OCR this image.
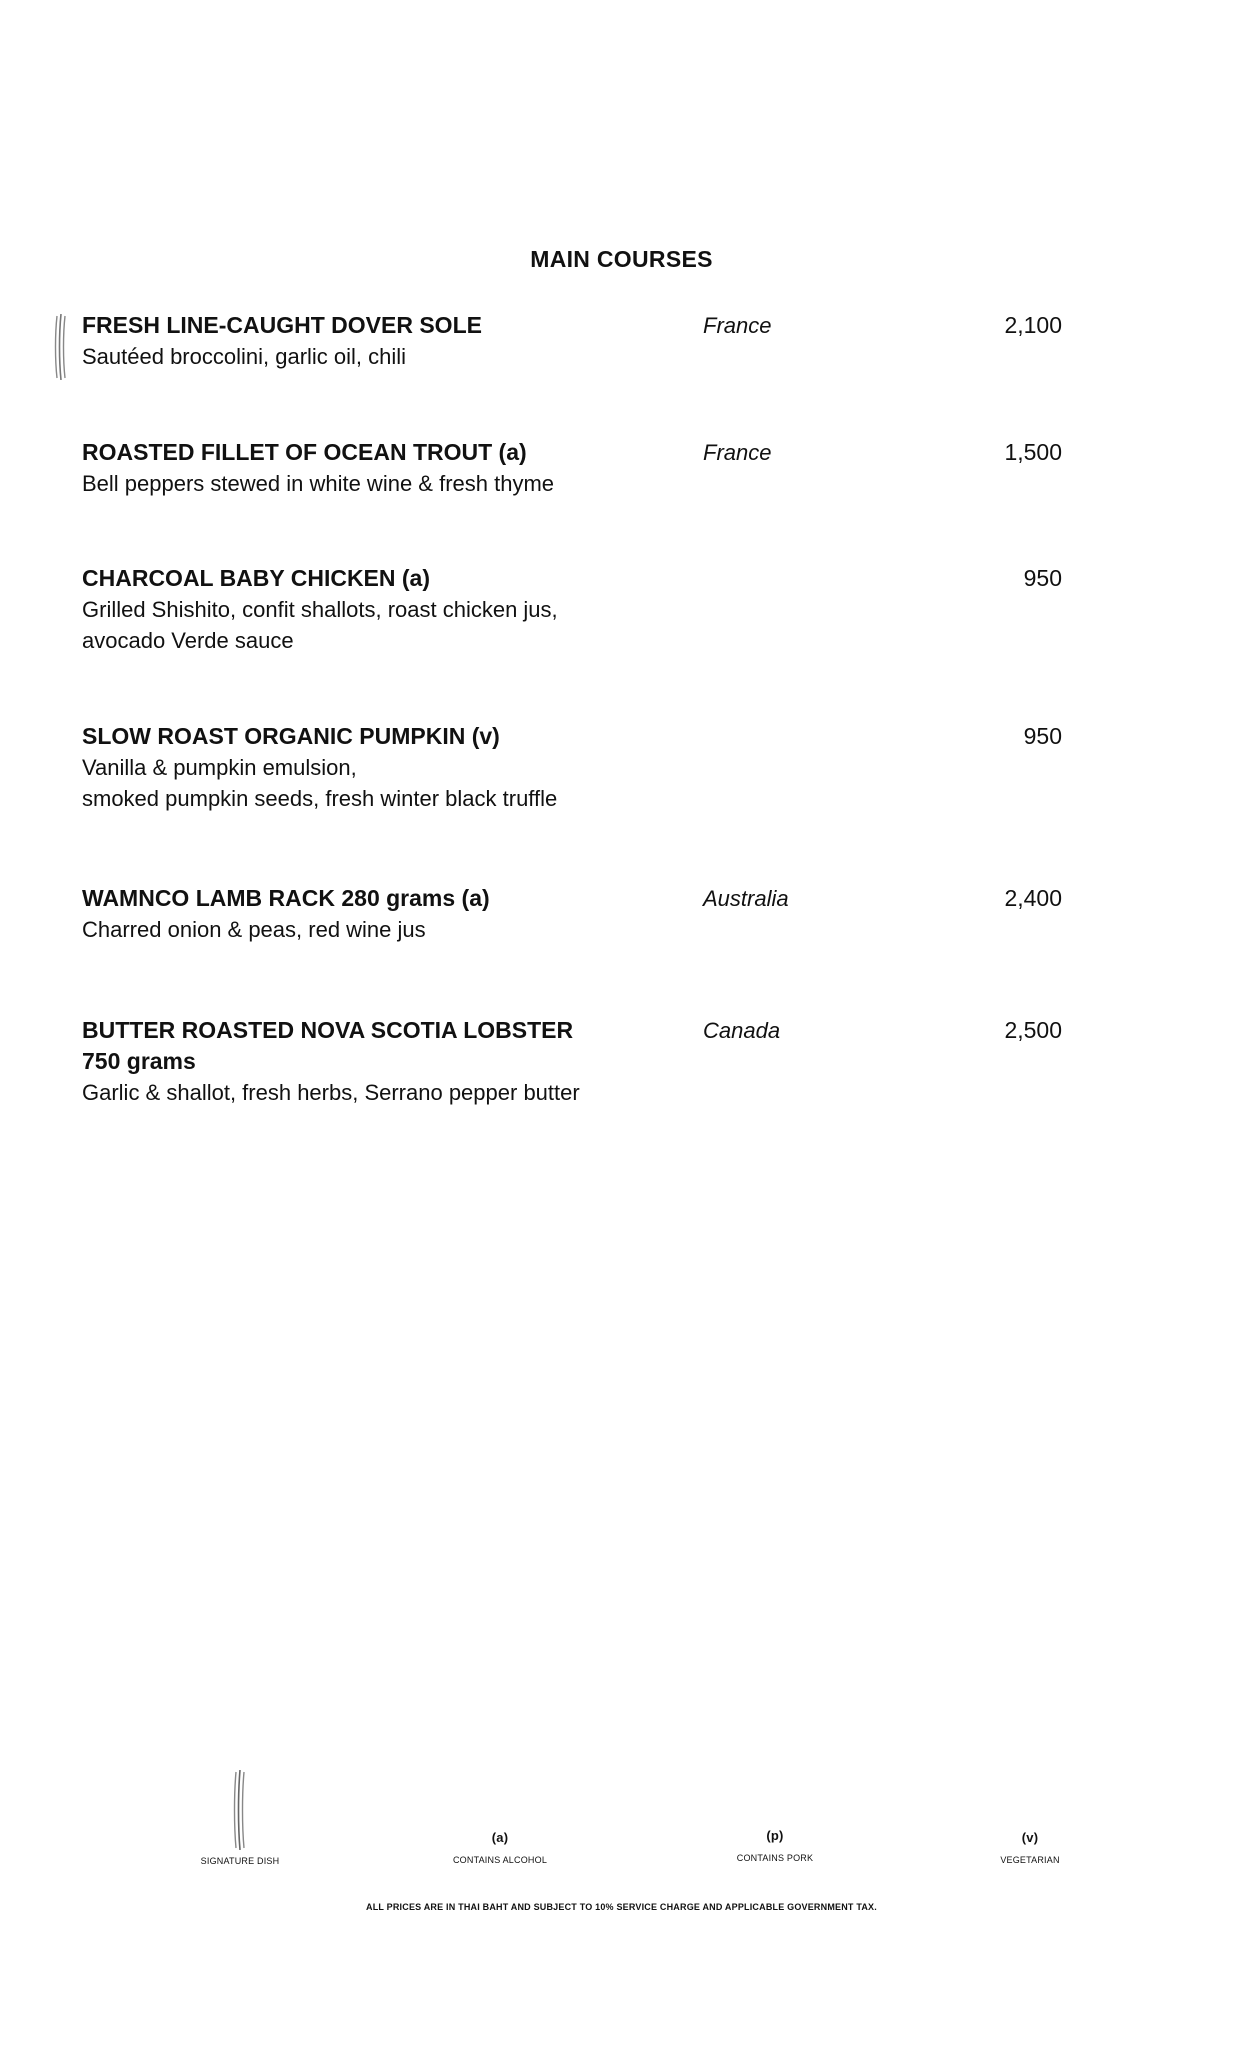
MAIN COURSES
FRESH LINE-CAUGHT DOVER SOLE
Sautéed broccolini, garlic oil, chili
France	2,100
ROASTED FILLET OF OCEAN TROUT (a)
Bell peppers stewed in white wine & fresh thyme
France	1,500
CHARCOAL BABY CHICKEN (a)
Grilled Shishito, confit shallots, roast chicken jus,
avocado Verde sauce
950
SLOW ROAST ORGANIC PUMPKIN (v)
Vanilla & pumpkin emulsion,
smoked pumpkin seeds, fresh winter black truffle
950
WAMNCO LAMB RACK 280 grams (a)
Charred onion & peas, red wine jus
Australia	2,400
BUTTER ROASTED NOVA SCOTIA LOBSTER
750 grams
Garlic & shallot, fresh herbs, Serrano pepper butter
Canada	2,500
SIGNATURE DISH
(a)
CONTAINS ALCOHOL
(p)
CONTAINS PORK
(v)
VEGETARIAN
ALL PRICES ARE IN THAI BAHT AND SUBJECT TO 10% SERVICE CHARGE AND APPLICABLE GOVERNMENT TAX.
